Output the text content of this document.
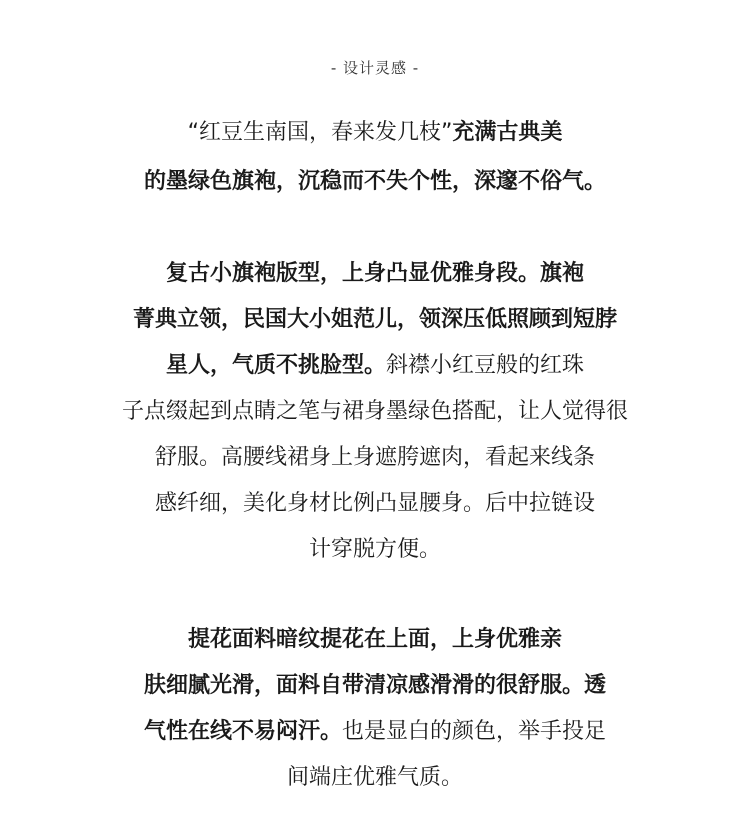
- 设计灵感 -
“红豆生南国，春来发几枝”充满古典美
的墨绿色旗袍，沉稳而不失个性，深邃不俗气。
复古小旗袍版型，上身凸显优雅身段。旗袍
菁典立领，民国大小姐范儿，领深压低照顾到短脖
星人，气质不挑脸型。斜襟小红豆般的红珠
子点缀起到点睛之笔与裙身墨绿色搭配，让人觉得很
舒服。高腰线裙身上身遮胯遮肉，看起来线条
感纤细，美化身材比例凸显腰身。后中拉链设
计穿脱方便。
提花面料暗纹提花在上面，上身优雅亲
肤细腻光滑，面料自带清凉感滑滑的很舒服。透
气性在线不易闷汗。也是显白的颜色，举手投足
间端庄优雅气质。
